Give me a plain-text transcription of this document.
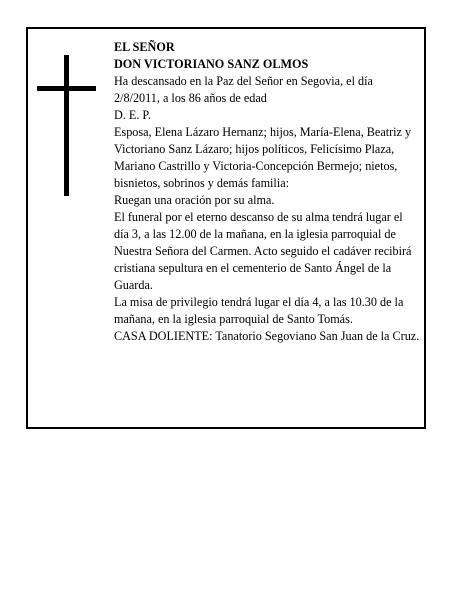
EL SEÑOR

DON VICTORIANO SANZ OLMOS

Ha descansado en la Paz del Señor en Segovia, el día 2/8/2011, a los 86 años de edad

D. E. P.

Esposa, Elena Lázaro Hernanz; hijos, María-Elena, Beatriz y Victoriano Sanz Lázaro; hijos políticos, Felicísimo Plaza, Mariano Castrillo y Victoria-Concepción Bermejo; nietos, bisnietos, sobrinos y demás familia:

Ruegan una oración por su alma.

El funeral por el eterno descanso de su alma tendrá lugar el día 3, a las 12.00 de la mañana, en la iglesia parroquial de Nuestra Señora del Carmen. Acto seguido el cadáver recibirá cristiana sepultura en el cementerio de Santo Ángel de la Guarda.

La misa de privilegio tendrá lugar el día 4, a las 10.30 de la mañana, en la iglesia parroquial de Santo Tomás.

CASA DOLIENTE: Tanatorio Segoviano San Juan de la Cruz.
